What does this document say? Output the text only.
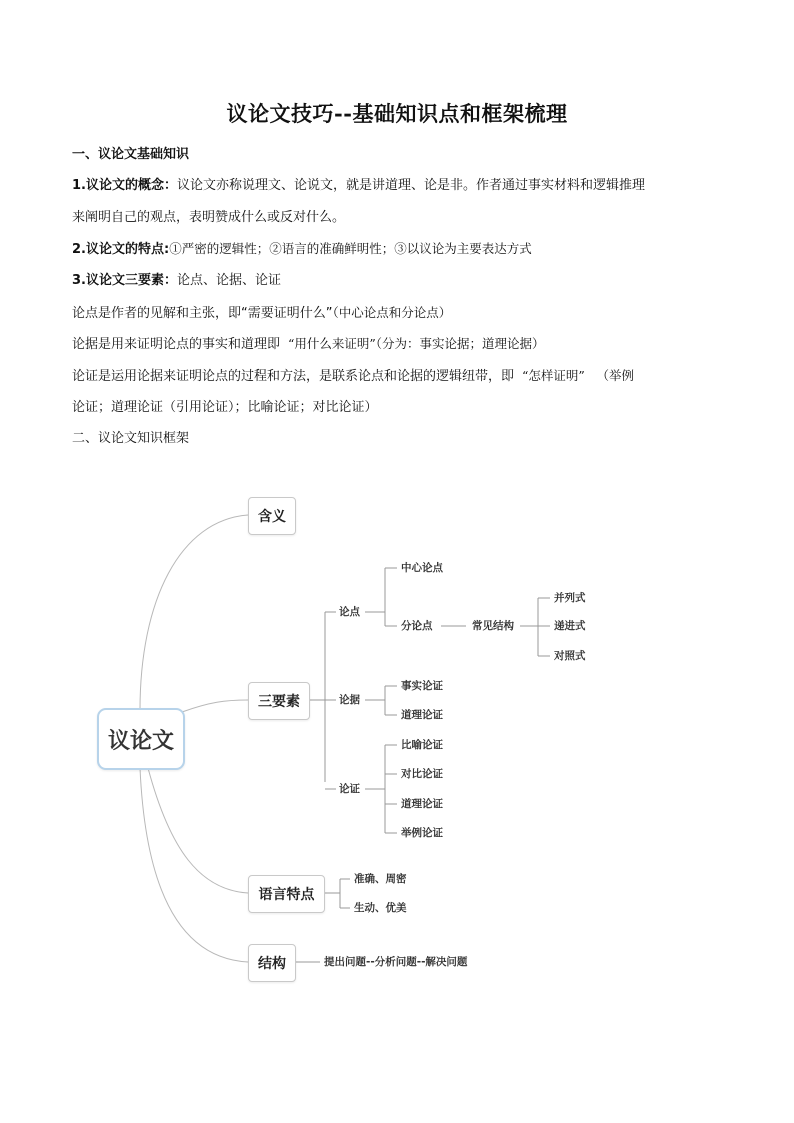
议论文技巧--基础知识点和框架梳理
一、议论文基础知识
1.议论文的概念：议论文亦称说理文、论说文，就是讲道理、论是非。作者通过事实材料和逻辑推理
来阐明自己的观点，表明赞成什么或反对什么。
2.议论文的特点:①严密的逻辑性；②语言的准确鲜明性；③以议论为主要表达方式
3.议论文三要素：论点、论据、论证
论点是作者的见解和主张，即“需要证明什么”（中心论点和分论点）
论据是用来证明论点的事实和道理即 “用什么来证明”（分为：事实论据；道理论据）
论证是运用论据来证明论点的过程和方法，是联系论点和论据的逻辑纽带，即 “怎样证明” （举例
论证；道理论证（引用论证）；比喻论证；对比论证）
二、议论文知识框架
议论文
含义
三要素
语言特点
结构
论点
中心论点
分论点	常见结构
并列式
递进式
对照式
论据
事实论证
道理论证
论证
比喻论证
对比论证
道理论证
举例论证
准确、周密
生动、优美
提出问题--分析问题--解决问题
